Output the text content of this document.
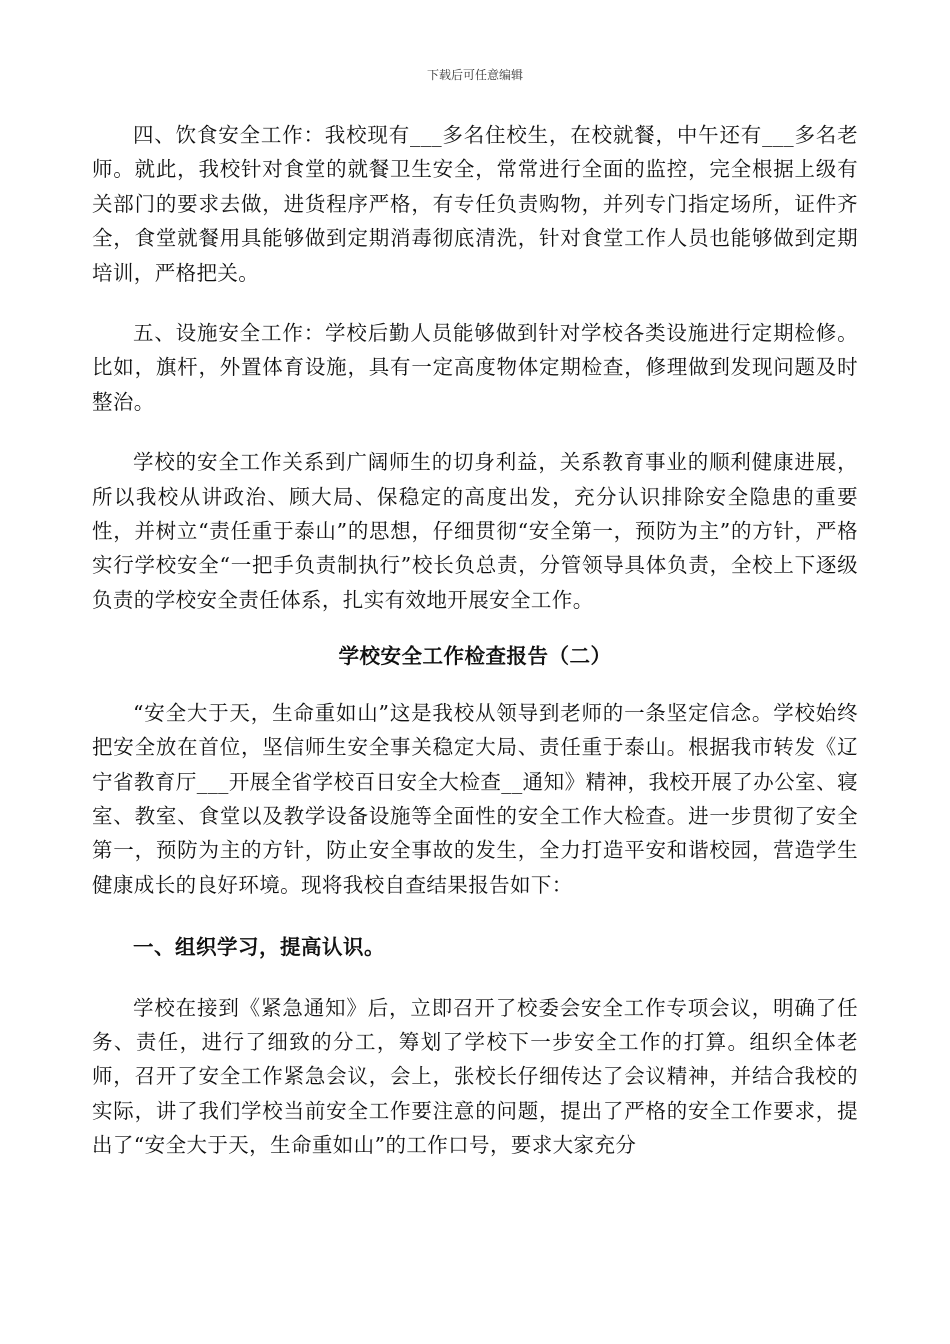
下载后可任意编辑

四、饮食安全工作：我校现有___多名住校生，在校就餐，中午还有___多名老师。就此，我校针对食堂的就餐卫生安全，常常进行全面的监控，完全根据上级有关部门的要求去做，进货程序严格，有专任负责购物，并列专门指定场所，证件齐全，食堂就餐用具能够做到定期消毒彻底清洗，针对食堂工作人员也能够做到定期培训，严格把关。

五、设施安全工作：学校后勤人员能够做到针对学校各类设施进行定期检修。比如，旗杆，外置体育设施，具有一定高度物体定期检查，修理做到发现问题及时整治。

学校的安全工作关系到广阔师生的切身利益，关系教育事业的顺利健康进展，所以我校从讲政治、顾大局、保稳定的高度出发，充分认识排除安全隐患的重要性，并树立“责任重于泰山”的思想，仔细贯彻“安全第一，预防为主”的方针，严格实行学校安全“一把手负责制执行”校长负总责，分管领导具体负责，全校上下逐级负责的学校安全责任体系，扎实有效地开展安全工作。

学校安全工作检查报告（二）

“安全大于天，生命重如山”这是我校从领导到老师的一条坚定信念。学校始终把安全放在首位，坚信师生安全事关稳定大局、责任重于泰山。根据我市转发《辽宁省教育厅___开展全省学校百日安全大检查__通知》精神，我校开展了办公室、寝室、教室、食堂以及教学设备设施等全面性的安全工作大检查。进一步贯彻了安全第一，预防为主的方针，防止安全事故的发生，全力打造平安和谐校园，营造学生健康成长的良好环境。现将我校自查结果报告如下：

一、组织学习，提高认识。

学校在接到《紧急通知》后，立即召开了校委会安全工作专项会议，明确了任务、责任，进行了细致的分工，筹划了学校下一步安全工作的打算。组织全体老师，召开了安全工作紧急会议，会上，张校长仔细传达了会议精神，并结合我校的实际，讲了我们学校当前安全工作要注意的问题，提出了严格的安全工作要求，提出了“安全大于天，生命重如山”的工作口号，要求大家充分
